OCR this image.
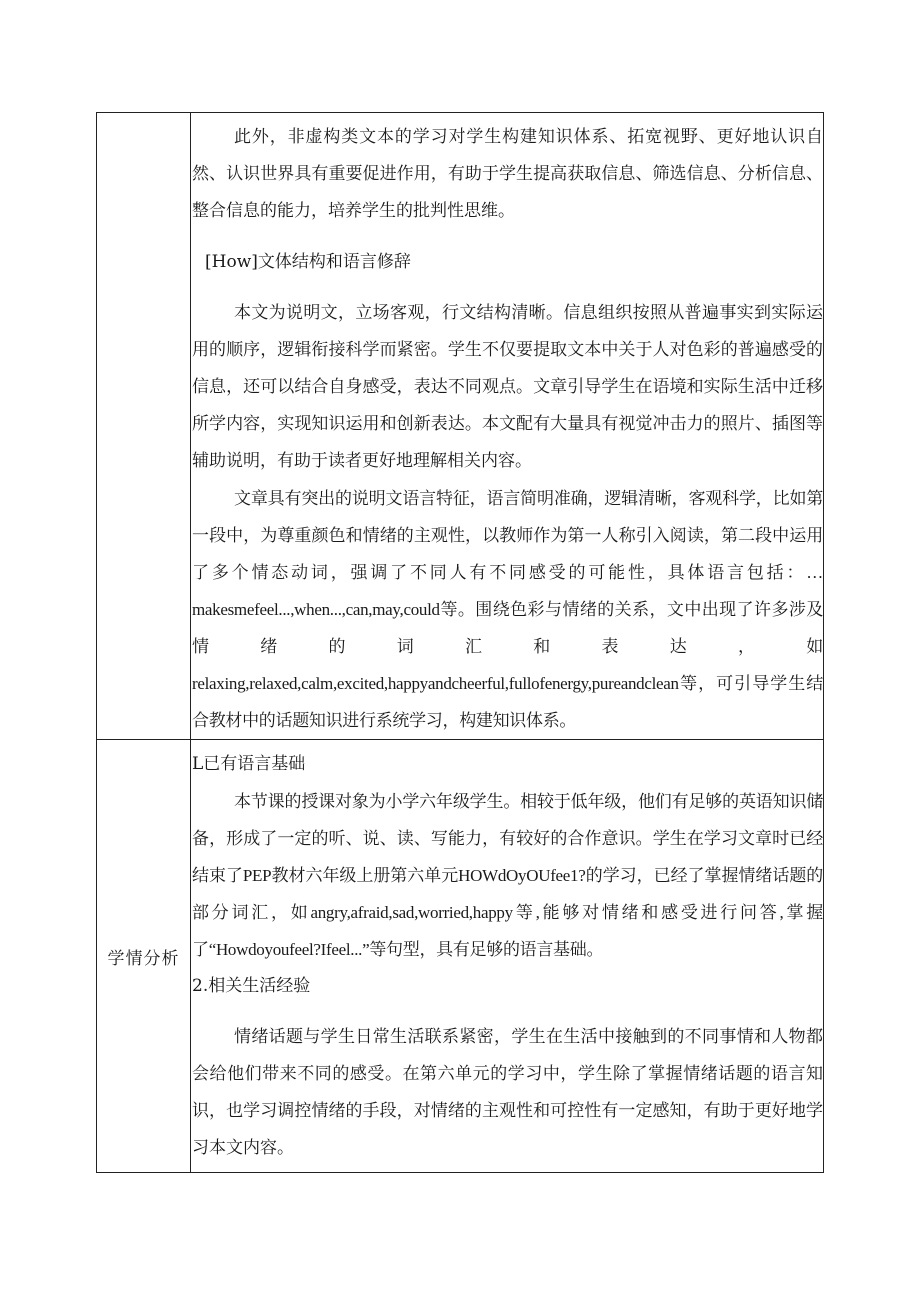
	此外，非虚构类文本的学习对学生构建知识体系、拓宽视野、更好地认识自然、认识世界具有重要促进作用，有助于学生提高获取信息、筛选信息、分析信息、整合信息的能力，培养学生的批判性思维。

[How]文体结构和语言修辞

本文为说明文，立场客观，行文结构清晰。信息组织按照从普遍事实到实际运用的顺序，逻辑衔接科学而紧密。学生不仅要提取文本中关于人对色彩的普遍感受的信息，还可以结合自身感受，表达不同观点。文章引导学生在语境和实际生活中迁移所学内容，实现知识运用和创新表达。本文配有大量具有视觉冲击力的照片、插图等辅助说明，有助于读者更好地理解相关内容。

文章具有突出的说明文语言特征，语言简明准确，逻辑清晰，客观科学，比如第一段中，为尊重颜色和情绪的主观性，以教师作为第一人称引入阅读，第二段中运用了多个情态动词，强调了不同人有不同感受的可能性，具体语言包括：…makesmefeel...,when...,can,may,could等。围绕色彩与情绪的关系，文中出现了许多涉及情绪的词汇和表达，如relaxing,relaxed,calm,excited,happyandcheerful,fullofenergy,pureandclean等，可引导学生结合教材中的话题知识进行系统学习，构建知识体系。

学情分析	L已有语言基础

本节课的授课对象为小学六年级学生。相较于低年级，他们有足够的英语知识储备，形成了一定的听、说、读、写能力，有较好的合作意识。学生在学习文章时已经结束了PEP教材六年级上册第六单元HOWdOyOUfee1?的学习，已经了掌握情绪话题的部分词汇，如angry,afraid,sad,worried,happy等,能够对情绪和感受进行问答,掌握了“Howdoyoufeel?Ifeel...”等句型，具有足够的语言基础。

2.相关生活经验

情绪话题与学生日常生活联系紧密，学生在生活中接触到的不同事情和人物都会给他们带来不同的感受。在第六单元的学习中，学生除了掌握情绪话题的语言知识，也学习调控情绪的手段，对情绪的主观性和可控性有一定感知，有助于更好地学习本文内容。
